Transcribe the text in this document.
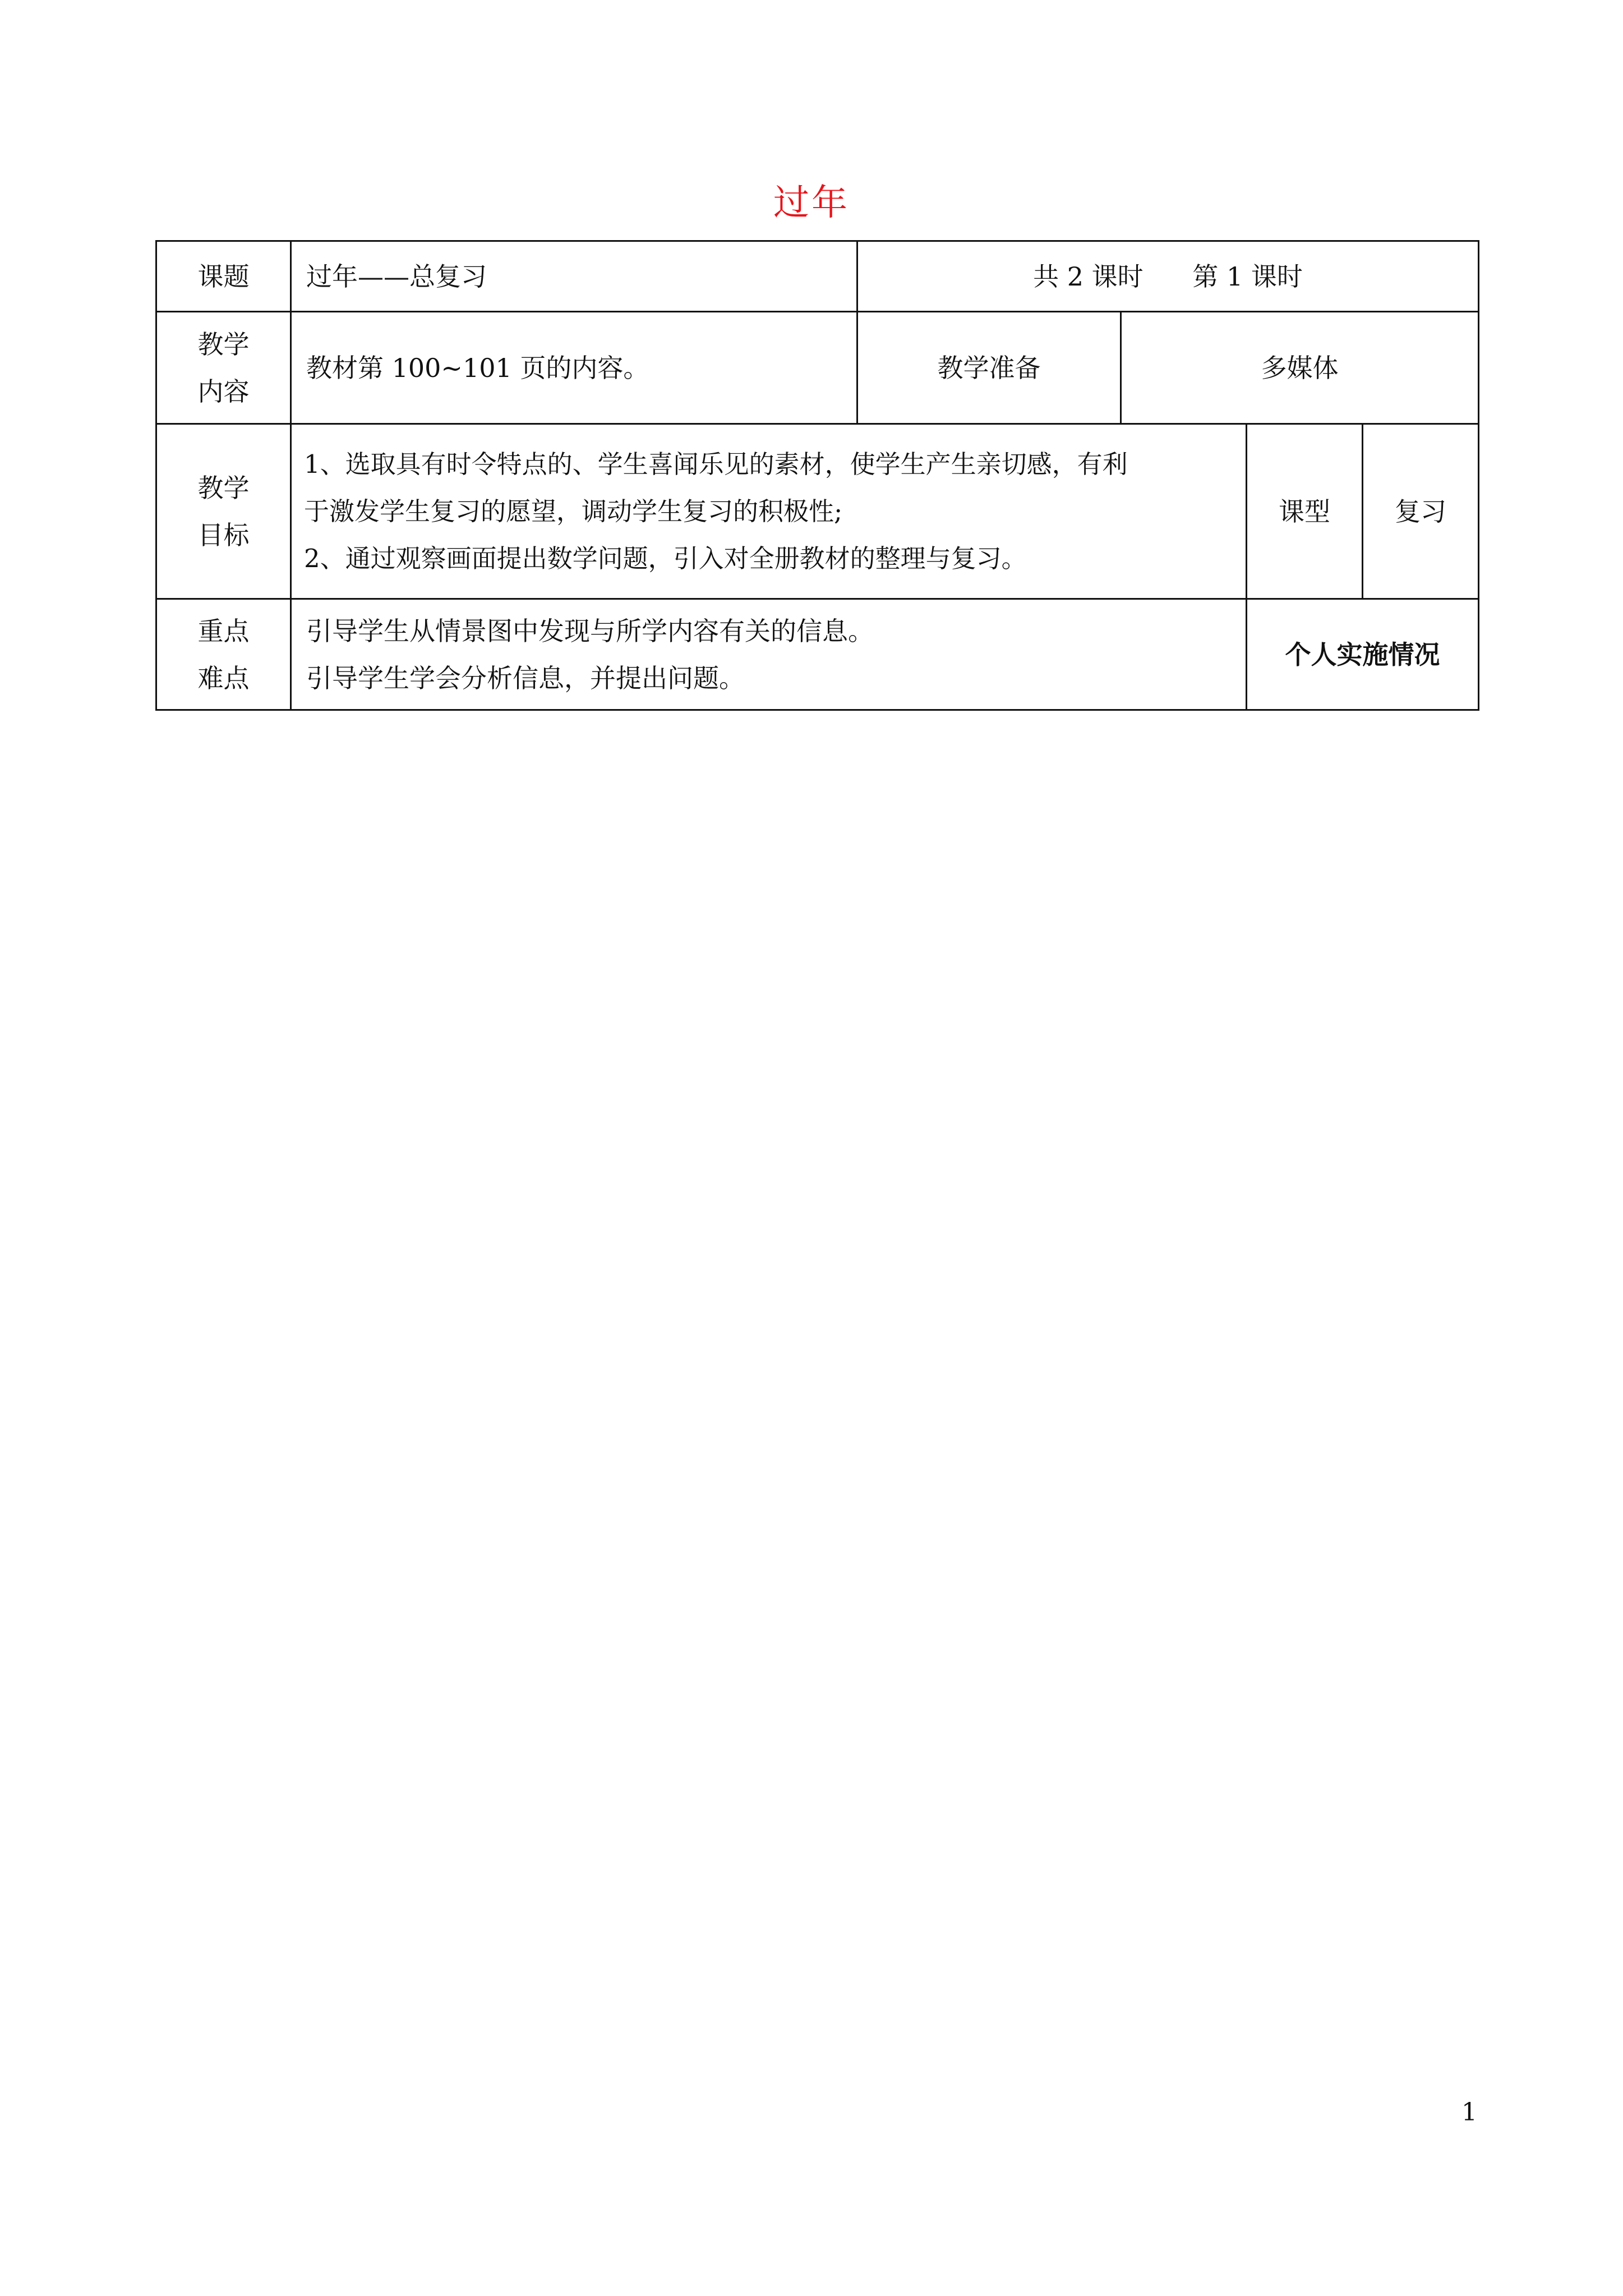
过年
课题	过年——总复习	共 2 课时      第 1 课时			

教学
内容	教材第 100~101 页的内容。	教学准备	多媒体		

教学
目标	1、选取具有时令特点的、学生喜闻乐见的素材，使学生产生亲切感，有利
于激发学生复习的愿望，调动学生复习的积极性;
2、通过观察画面提出数学问题，引入对全册教材的整理与复习。			课型	复习

重点
难点	引导学生从情景图中发现与所学内容有关的信息。
引导学生学会分析信息，并提出问题。			个人实施情况	
1
